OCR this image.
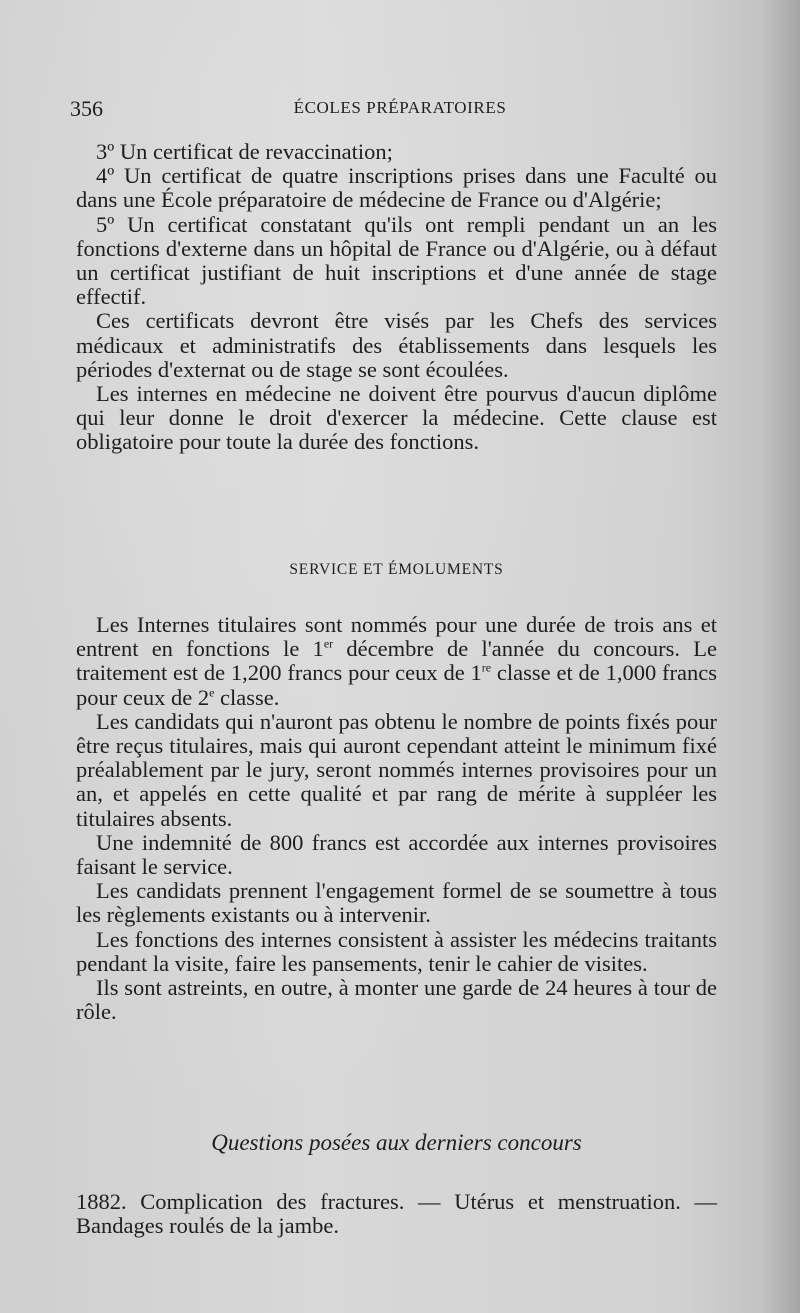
356	ÉCOLES PRÉPARATOIRES

3º Un certificat de revaccination;

4º Un certificat de quatre inscriptions prises dans une Faculté ou dans une École préparatoire de médecine de France ou d'Algérie;

5º Un certificat constatant qu'ils ont rempli pendant un an les fonctions d'externe dans un hôpital de France ou d'Algérie, ou à défaut un certificat justifiant de huit inscriptions et d'une année de stage effectif.

Ces certificats devront être visés par les Chefs des services médicaux et administratifs des établissements dans lesquels les périodes d'externat ou de stage se sont écoulées.

Les internes en médecine ne doivent être pourvus d'aucun diplôme qui leur donne le droit d'exercer la médecine. Cette clause est obligatoire pour toute la durée des fonctions.

SERVICE ET ÉMOLUMENTS

Les Internes titulaires sont nommés pour une durée de trois ans et entrent en fonctions le 1er décembre de l'année du concours. Le traitement est de 1,200 francs pour ceux de 1re classe et de 1,000 francs pour ceux de 2e classe.

Les candidats qui n'auront pas obtenu le nombre de points fixés pour être reçus titulaires, mais qui auront cependant atteint le minimum fixé préalablement par le jury, seront nommés internes provisoires pour un an, et appelés en cette qualité et par rang de mérite à suppléer les titulaires absents.

Une indemnité de 800 francs est accordée aux internes provisoires faisant le service.

Les candidats prennent l'engagement formel de se soumettre à tous les règlements existants ou à intervenir.

Les fonctions des internes consistent à assister les médecins traitants pendant la visite, faire les pansements, tenir le cahier de visites.

Ils sont astreints, en outre, à monter une garde de 24 heures à tour de rôle.

Questions posées aux derniers concours

1882. Complication des fractures. — Utérus et menstruation. — Bandages roulés de la jambe.
